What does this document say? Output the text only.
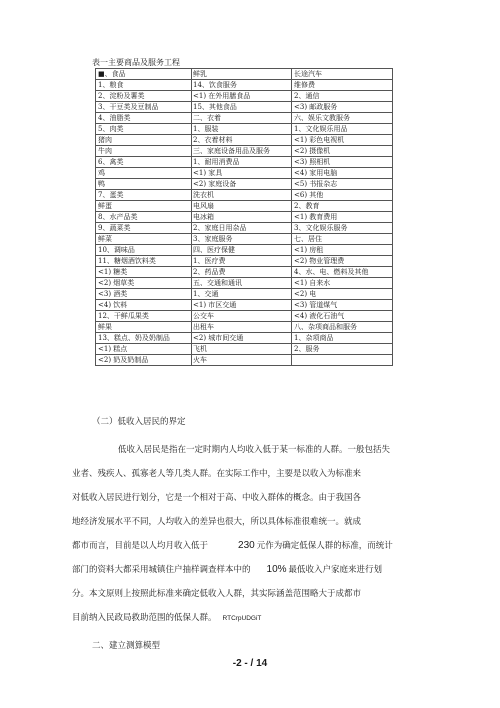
表一主要商品及服务工程
■、食品	鲜乳	长途汽车
1、粮食	14、饮食服务	维修费
2、淀粉及薯类	<1) 在外用膳食品	2、通信
3、干豆类及豆制品	15、其他食品	<3) 邮政服务
4、油脂类	二、衣着	六、娱乐文教服务
5、肉类	1、服装	1、文化娱乐用品
猪肉	2、衣着材料	<1) 彩色电视机
牛肉	三、家庭设备用品及服务	<2) 摄像机
6、禽类	1、耐用消费品	<3) 照相机
鸡	<1) 家具	<4) 家用电脑
鸭	<2) 家庭设备	<5) 书报杂志
7、蛋类	洗衣机	<6) 其他
鲜蛋	电风扇	2、教育
8、水产品类	电冰箱	<1) 教育费用
9、蔬菜类	2、家庭日用杂品	3、文化娱乐服务
鲜菜	3、家庭服务	七、居住
10、调味品	四、医疗保健	<1) 房租
11、糖烟酒饮料类	1、医疗费	<2) 物业管理费
<1) 糖类	2、药品费	4、水、电、燃料及其他
<2) 烟草类	五、交通和通讯	<1) 自来水
<3) 酒类	1、交通	<2) 电
<4) 饮料	<1) 市区交通	<3) 管道煤气
12、干鲜瓜果类	公交车	<4) 液化石油气
鲜果	出租车	八、杂项商品和服务
13、糕点、奶及奶制品	<2) 城市间交通	1、杂项商品
<1) 糕点	飞机	2、服务
<2) 奶及奶制品	火车	
（二）低收入居民的界定
低收入居民是指在一定时期内人均收入低于某一标准的人群。一般包括失
业者、残疾人、孤寡老人等几类人群。在实际工作中，主要是以收入为标准来
对低收入居民进行划分，它是一个相对于高、中收入群体的概念。由于我国各
地经济发展水平不同，人均收入的差异也很大，所以具体标准很难统一。就成
都市而言，目前是以人均月收入低于	230 元作为确定低保人群的标准，而统计
部门的资料大都采用城镇住户抽样调查样本中的 10% 最低收入户家庭来进行划
分。本文原则上按照此标准来确定低收入人群，其实际涵盖范围略大于成都市
目前纳入民政局救助范围的低保人群。 RTCrpUDGiT
二、建立测算模型
-2 - / 14
